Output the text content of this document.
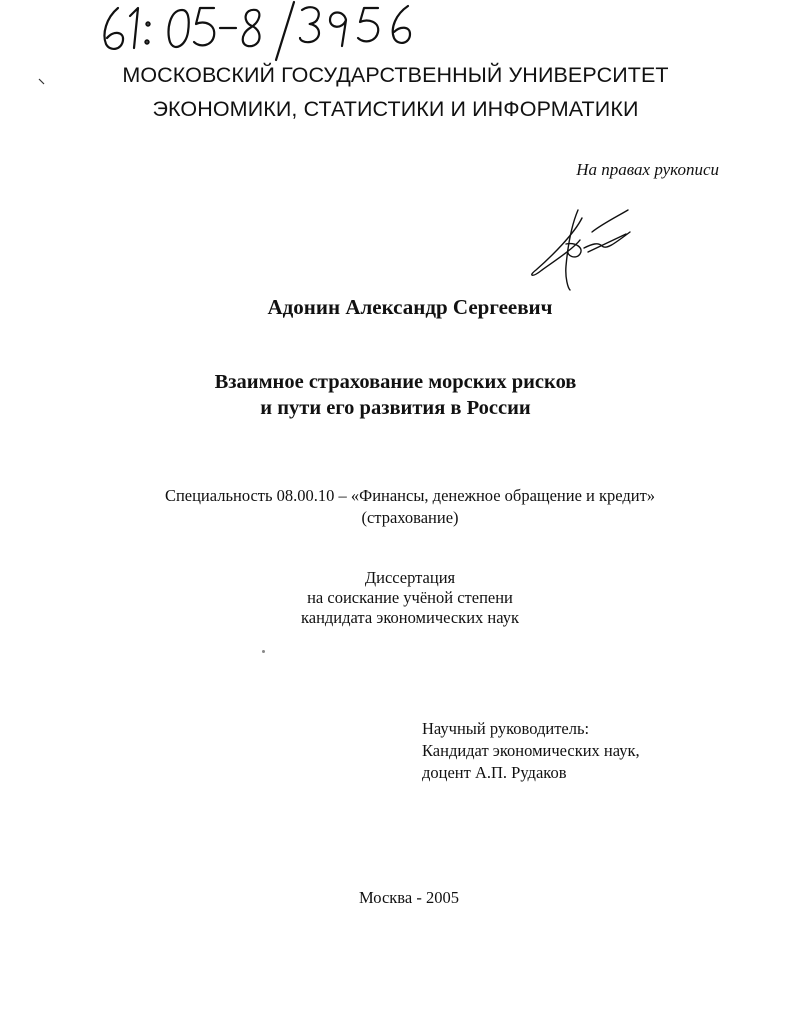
МОСКОВСКИЙ ГОСУДАРСТВЕННЫЙ УНИВЕРСИТЕТ
ЭКОНОМИКИ, СТАТИСТИКИ И ИНФОРМАТИКИ
На правах рукописи
Адонин Александр Сергеевич
Взаимное страхование морских рисков
и пути его развития в России
Специальность 08.00.10 – «Финансы, денежное обращение и кредит»
(страхование)
Диссертация
на соискание учёной степени
кандидата экономических наук
Научный руководитель:
Кандидат экономических наук,
доцент А.П. Рудаков
Москва - 2005
